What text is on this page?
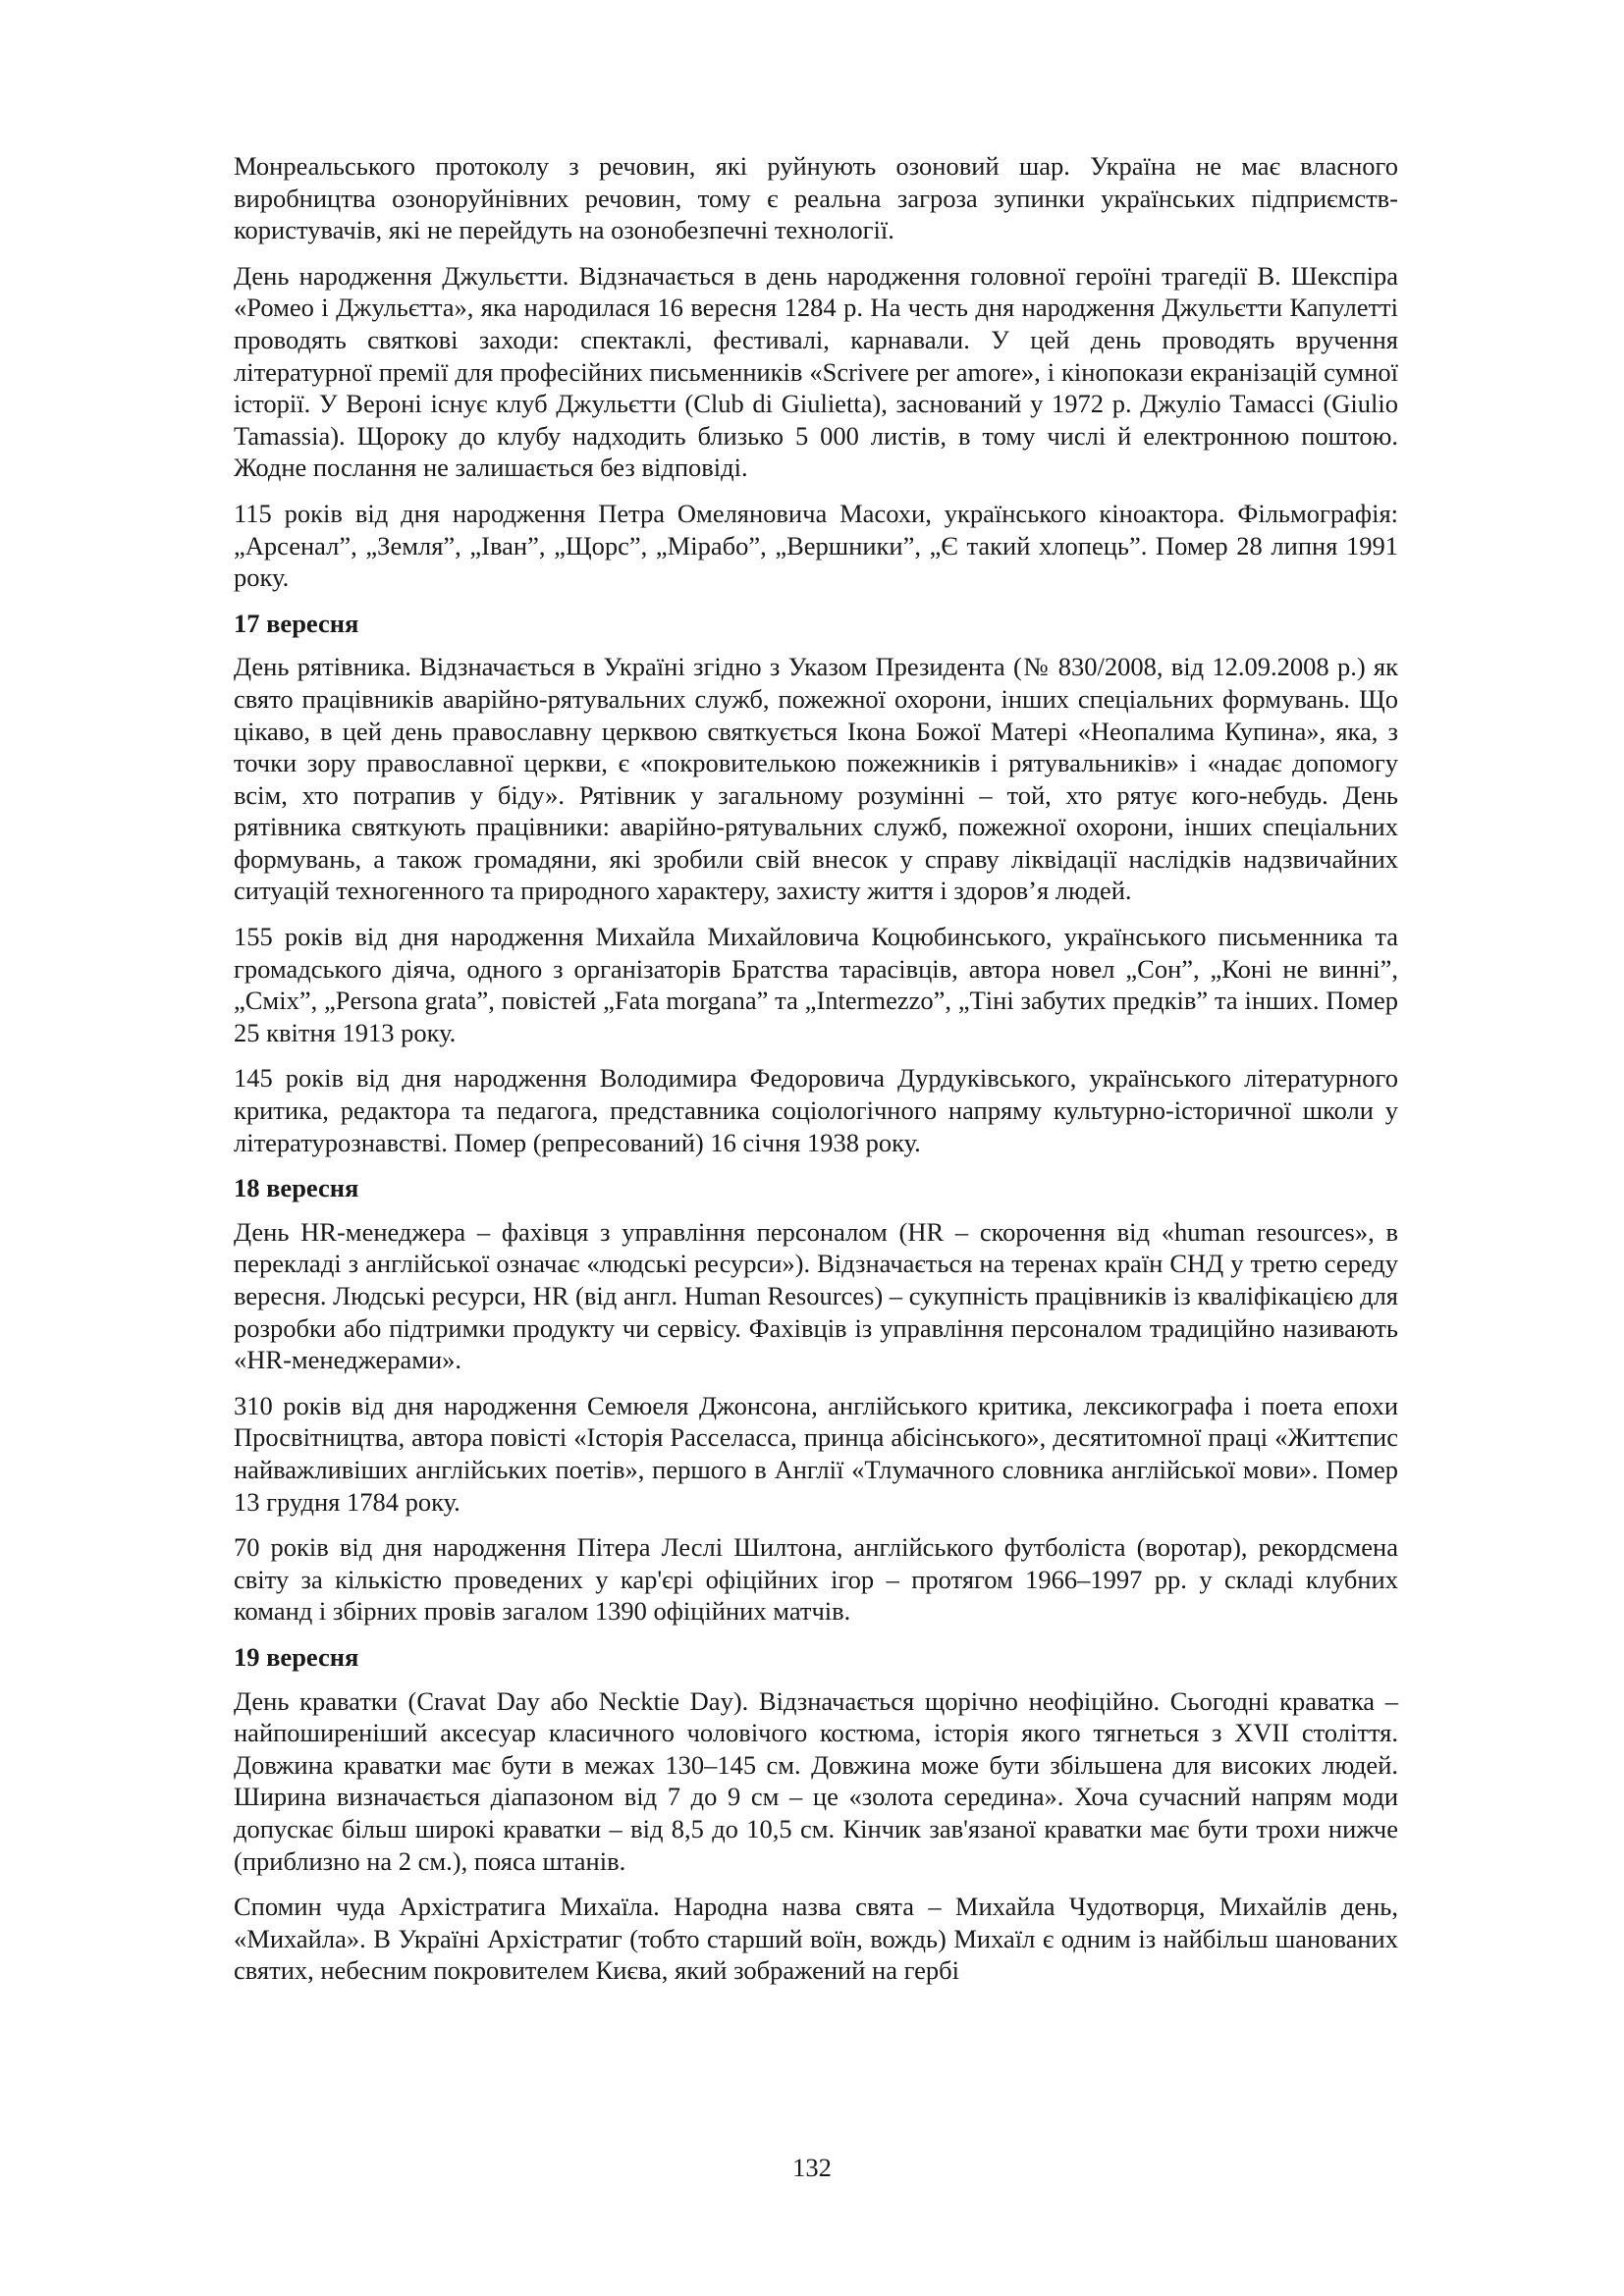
Монреальського протоколу з речовин, які руйнують озоновий шар. Україна не має власного виробництва озоноруйнівних речовин, тому є реальна загроза зупинки українських підприємств-користувачів, які не перейдуть на озонобезпечні технології.

День народження Джульєтти. Відзначається в день народження головної героїні трагедії В. Шекспіра «Ромео і Джульєтта», яка народилася 16 вересня 1284 р. На честь дня народження Джульєтти Капулетті проводять святкові заходи: спектаклі, фестивалі, карнавали. У цей день проводять вручення літературної премії для професійних письменників «Scrivere per amore», і кінопокази екранізацій сумної історії. У Вероні існує клуб Джульєтти (Club di Giulietta), заснований у 1972 р. Джуліо Тамассі (Giulio Tamassia). Щороку до клубу надходить близько 5 000 листів, в тому числі й електронною поштою. Жодне послання не залишається без відповіді.

115 років від дня народження Петра Омеляновича Масохи, українського кіноактора. Фільмографія: „Арсенал”, „Земля”, „Іван”, „Щорс”, „Мірабо”, „Вершники”, „Є такий хлопець”. Помер 28 липня 1991 року.

17 вересня

День рятівника. Відзначається в Україні згідно з Указом Президента (№ 830/2008, від 12.09.2008 р.) як свято працівників аварійно-рятувальних служб, пожежної охорони, інших спеціальних формувань. Що цікаво, в цей день православну церквою святкується Ікона Божої Матері «Неопалима Купина», яка, з точки зору православної церкви, є «покровителькою пожежників і рятувальників» і «надає допомогу всім, хто потрапив у біду». Рятівник у загальному розумінні – той, хто рятує кого-небудь. День рятівника святкують працівники: аварійно-рятувальних служб, пожежної охорони, інших спеціальних формувань, а також громадяни, які зробили свій внесок у справу ліквідації наслідків надзвичайних ситуацій техногенного та природного характеру, захисту життя і здоров’я людей.

155 років від дня народження Михайла Михайловича Коцюбинського, українського письменника та громадського діяча, одного з організаторів Братства тарасівців, автора новел „Сон”, „Коні не винні”, „Сміх”, „Persona grata”, повістей „Fata morgana” та „Intermezzo”, „Тіні забутих предків” та інших. Помер 25 квітня 1913 року.

145 років від дня народження Володимира Федоровича Дурдуківського, українського літературного критика, редактора та педагога, представника соціологічного напряму культурно-історичної школи у літературознавстві. Помер (репресований) 16 січня 1938 року.

18 вересня

День HR-менеджера – фахівця з управління персоналом (HR – скорочення від «human resources», в перекладі з англійської означає «людські ресурси»). Відзначається на теренах країн СНД у третю середу вересня. Людські ресурси, HR (від англ. Human Resources) – сукупність працівників із кваліфікацією для розробки або підтримки продукту чи сервісу. Фахівців із управління персоналом традиційно називають «HR-менеджерами».

310 років від дня народження Семюеля Джонсона, англійського критика, лексикографа і поета епохи Просвітництва, автора повісті «Історія Расселасса, принца абісінського», десятитомної праці «Життєпис найважливіших англійських поетів», першого в Англії «Тлумачного словника англійської мови». Помер 13 грудня 1784 року.

70 років від дня народження Пітера Леслі Шилтона, англійського футболіста (воротар), рекордсмена світу за кількістю проведених у кар'єрі офіційних ігор – протягом 1966–1997 рр. у складі клубних команд і збірних провів загалом 1390 офіційних матчів.

19 вересня

День краватки (Cravat Day або Necktie Day). Відзначається щорічно неофіційно. Сьогодні краватка – найпоширеніший аксесуар класичного чоловічого костюма, історія якого тягнеться з XVII століття. Довжина краватки має бути в межах 130–145 см. Довжина може бути збільшена для високих людей. Ширина визначається діапазоном від 7 до 9 см – це «золота середина». Хоча сучасний напрям моди допускає більш широкі краватки – від 8,5 до 10,5 см. Кінчик зав'язаної краватки має бути трохи нижче (приблизно на 2 см.), пояса штанів.

Спомин чуда Архістратига Михаїла. Народна назва свята – Михайла Чудотворця, Михайлів день, «Михайла». В Україні Архістратиг (тобто старший воїн, вождь) Михаїл є одним із найбільш шанованих святих, небесним покровителем Києва, який зображений на гербі

132
